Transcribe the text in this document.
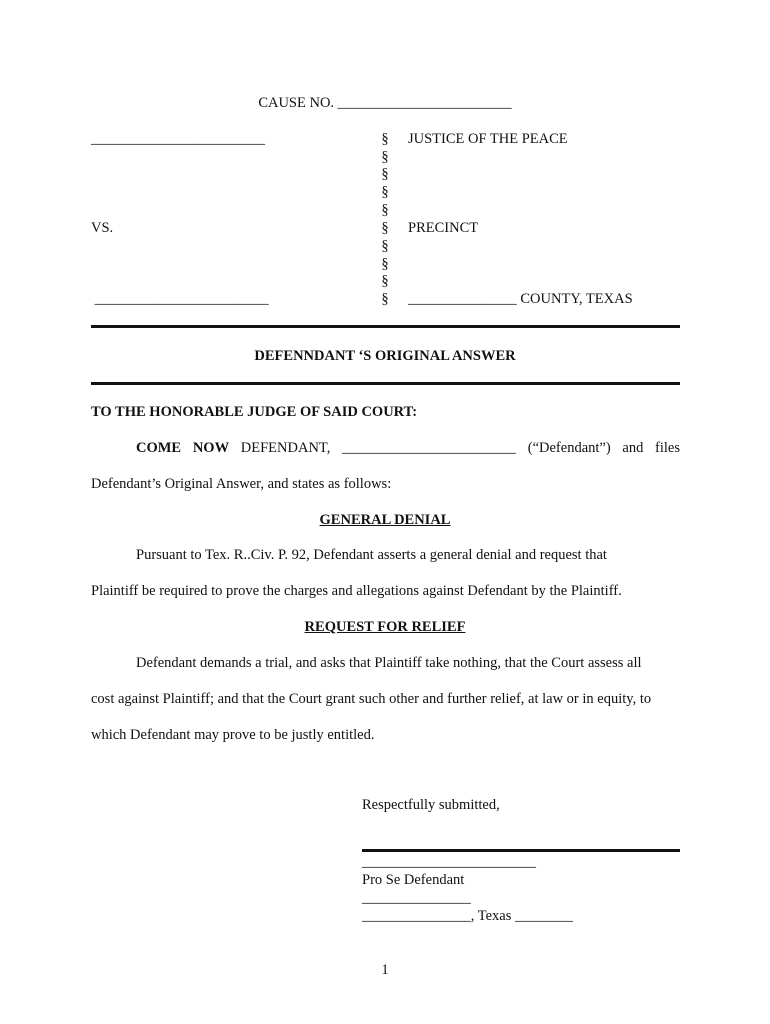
CAUSE NO. ________________________
________________________
VS.
________________________
§
§
§
§
§
§
§
§
§
§
JUSTICE OF THE PEACE
PRECINCT
_______________ COUNTY, TEXAS
DEFENNDANT ‘S ORIGINAL ANSWER
TO THE HONORABLE JUDGE OF SAID COURT:
COME NOW DEFENDANT, ________________________ (“Defendant”) and files
Defendant’s Original Answer, and states as follows:
GENERAL DENIAL
Pursuant to Tex. R..Civ. P. 92, Defendant asserts a general denial and request that
Plaintiff be required to prove the charges and allegations against Defendant by the Plaintiff.
REQUEST FOR RELIEF
Defendant demands a trial, and asks that Plaintiff take nothing, that the Court assess all
cost against Plaintiff; and that the Court grant such other and further relief, at law or in equity, to
which Defendant may prove to be justly entitled.
Respectfully submitted,
________________________
Pro Se Defendant
_______________
_______________, Texas ________
1
